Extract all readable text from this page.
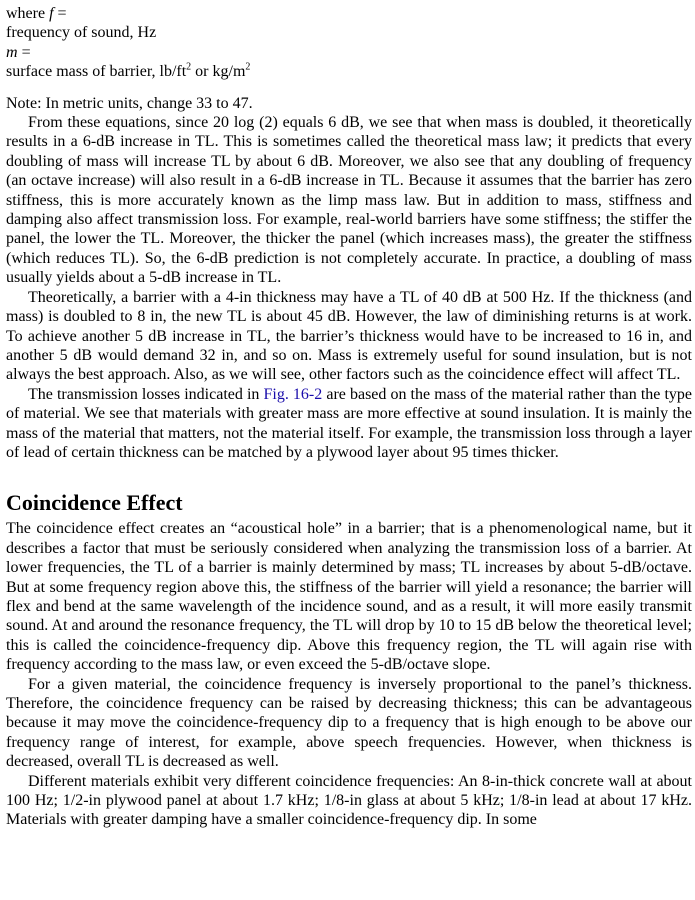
where f =

frequency of sound, Hz

m =

surface mass of barrier, $lb/ft^2$ or $kg/m^2$

Note: In metric units, change 33 to 47.

From these equations, since 20 log (2) equals 6 dB, we see that when mass is doubled, it theoretically results in a 6-dB increase in TL. This is sometimes called the theoretical mass law; it predicts that every doubling of mass will increase TL by about 6 dB. Moreover, we also see that any doubling of frequency (an octave increase) will also result in a 6-dB increase in TL. Because it assumes that the barrier has zero stiffness, this is more accurately known as the limp mass law. But in addition to mass, stiffness and damping also affect transmission loss. For example, real-world barriers have some stiffness; the stiffer the panel, the lower the TL. Moreover, the thicker the panel (which increases mass), the greater the stiffness (which reduces TL). So, the 6-dB prediction is not completely accurate. In practice, a doubling of mass usually yields about a 5-dB increase in TL.

Theoretically, a barrier with a 4-in thickness may have a TL of 40 dB at 500 Hz. If the thickness (and mass) is doubled to 8 in, the new TL is about 45 dB. However, the law of diminishing returns is at work. To achieve another 5 dB increase in TL, the barrier’s thickness would have to be increased to 16 in, and another 5 dB would demand 32 in, and so on. Mass is extremely useful for sound insulation, but is not always the best approach. Also, as we will see, other factors such as the coincidence effect will affect TL.

The transmission losses indicated in Fig. 16-2 are based on the mass of the material rather than the type of material. We see that materials with greater mass are more effective at sound insulation. It is mainly the mass of the material that matters, not the material itself. For example, the transmission loss through a layer of lead of certain thickness can be matched by a plywood layer about 95 times thicker.

Coincidence Effect

The coincidence effect creates an “acoustical hole” in a barrier; that is a phenomenological name, but it describes a factor that must be seriously considered when analyzing the transmission loss of a barrier. At lower frequencies, the TL of a barrier is mainly determined by mass; TL increases by about 5-dB/octave. But at some frequency region above this, the stiffness of the barrier will yield a resonance; the barrier will flex and bend at the same wavelength of the incidence sound, and as a result, it will more easily transmit sound. At and around the resonance frequency, the TL will drop by 10 to 15 dB below the theoretical level; this is called the coincidence-frequency dip. Above this frequency region, the TL will again rise with frequency according to the mass law, or even exceed the 5-dB/octave slope.

For a given material, the coincidence frequency is inversely proportional to the panel’s thickness. Therefore, the coincidence frequency can be raised by decreasing thickness; this can be advantageous because it may move the coincidence-frequency dip to a frequency that is high enough to be above our frequency range of interest, for example, above speech frequencies. However, when thickness is decreased, overall TL is decreased as well.

Different materials exhibit very different coincidence frequencies: An 8-in-thick concrete wall at about 100 Hz; 1/2-in plywood panel at about 1.7 kHz; 1/8-in glass at about 5 kHz; 1/8-in lead at about 17 kHz. Materials with greater damping have a smaller coincidence-frequency dip. In some
